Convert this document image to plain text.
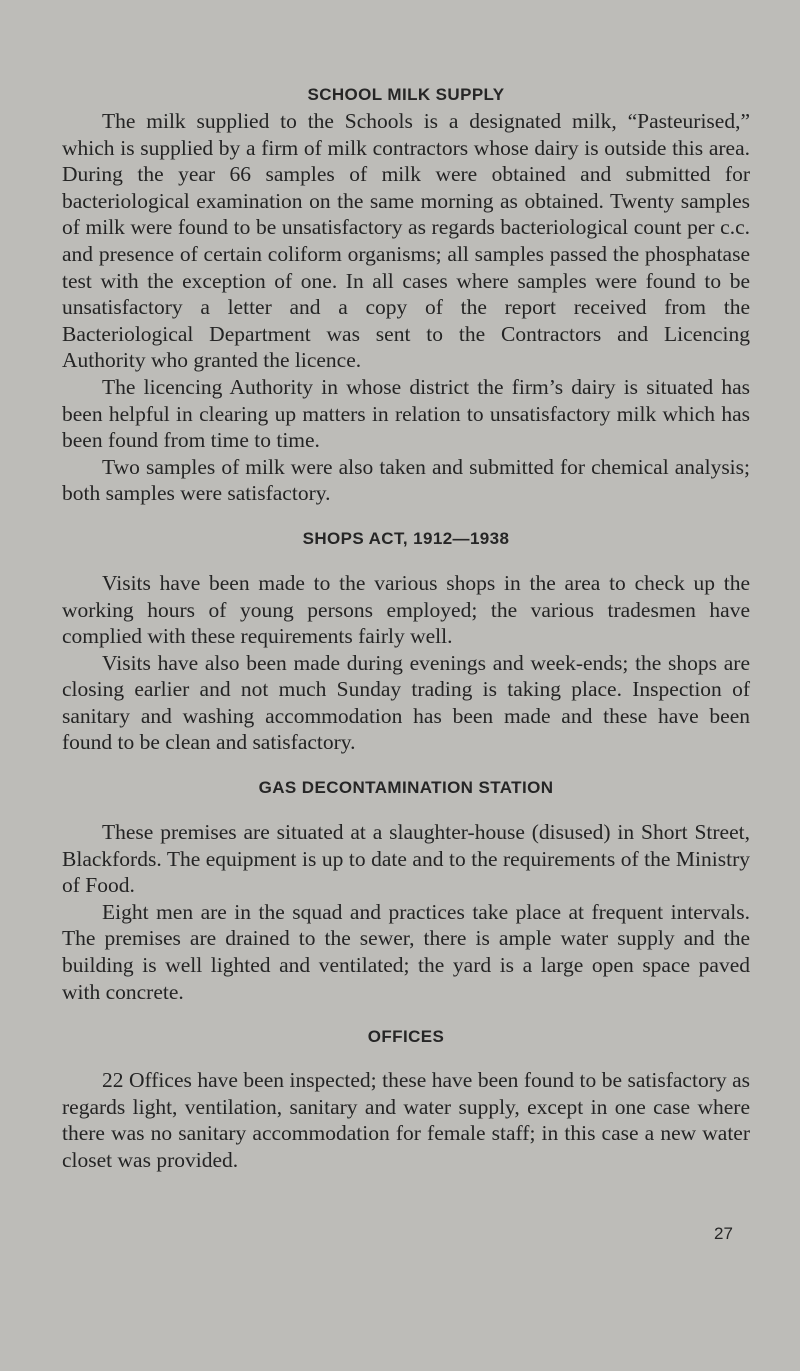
SCHOOL MILK SUPPLY

The milk supplied to the Schools is a designated milk, “Pasteurised,” which is supplied by a firm of milk contractors whose dairy is outside this area. During the year 66 samples of milk were obtained and submitted for bacteriological examination on the same morning as obtained. Twenty samples of milk were found to be unsatisfactory as regards bacteriological count per c.c. and presence of certain coliform organisms; all samples passed the phosphatase test with the exception of one. In all cases where samples were found to be unsatisfactory a letter and a copy of the report received from the Bacteriological Department was sent to the Contractors and Licencing Authority who granted the licence.

The licencing Authority in whose district the firm’s dairy is situated has been helpful in clearing up matters in relation to unsatisfactory milk which has been found from time to time.

Two samples of milk were also taken and submitted for chemical analysis; both samples were satisfactory.

SHOPS ACT, 1912—1938

Visits have been made to the various shops in the area to check up the working hours of young persons employed; the various tradesmen have complied with these requirements fairly well.

Visits have also been made during evenings and week-ends; the shops are closing earlier and not much Sunday trading is taking place. Inspection of sanitary and washing accommodation has been made and these have been found to be clean and satisfactory.

GAS DECONTAMINATION STATION

These premises are situated at a slaughter-house (disused) in Short Street, Blackfords. The equipment is up to date and to the requirements of the Ministry of Food.

Eight men are in the squad and practices take place at frequent intervals. The premises are drained to the sewer, there is ample water supply and the building is well lighted and ventilated; the yard is a large open space paved with concrete.

OFFICES

22 Offices have been inspected; these have been found to be satisfactory as regards light, ventilation, sanitary and water supply, except in one case where there was no sanitary accommodation for female staff; in this case a new water closet was provided.

27
